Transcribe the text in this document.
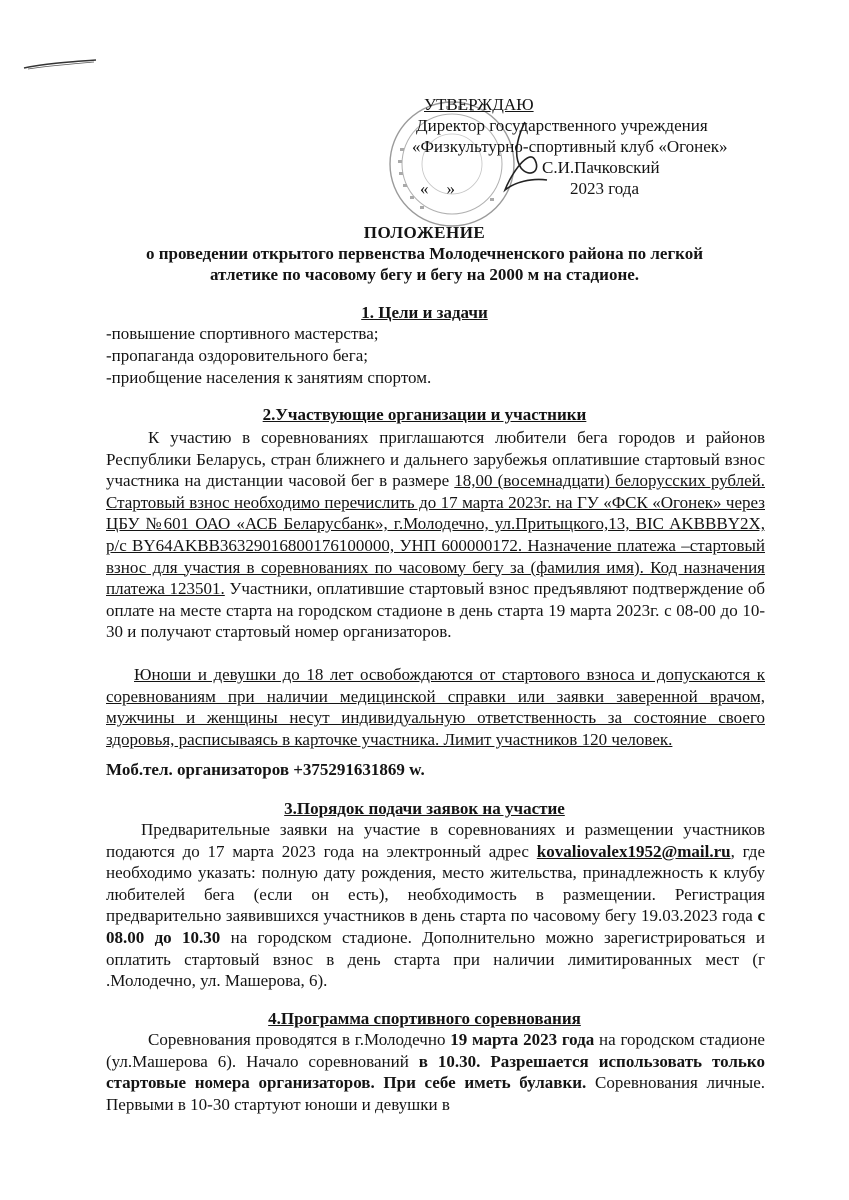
УТВЕРЖДАЮ
Директор государственного учреждения
«Физкультурно-спортивный клуб «Огонек»
С.И.Пачковский
« »	2023 года
ПОЛОЖЕНИЕ
о проведении открытого первенства Молодечненского района по легкой
атлетике по часовому бегу и бегу на 2000 м на стадионе.
1. Цели и задачи
-повышение спортивного мастерства;
-пропаганда оздоровительного бега;
-приобщение населения к занятиям спортом.
2.Участвующие организации и участники
К участию в соревнованиях приглашаются любители бега городов и районов Республики Беларусь, стран ближнего и дальнего зарубежья оплатившие стартовый взнос участника на дистанции часовой бег в размере 18,00 (восемнадцати) белорусских рублей. Стартовый взнос необходимо перечислить до 17 марта 2023г. на ГУ «ФСК «Огонек» через ЦБУ №601 ОАО «АСБ Беларусбанк», г.Молодечно, ул.Притыцкого,13, BIC AKBBBY2X, р/с BY64AKBB36329016800176100000, УНП 600000172. Назначение платежа –стартовый взнос для участия в соревнованиях по часовому бегу за (фамилия имя). Код назначения платежа 123501. Участники, оплатившие стартовый взнос предъявляют подтверждение об оплате на месте старта на городском стадионе в день старта 19 марта 2023г. с 08-00 до 10-30 и получают стартовый номер организаторов.
Юноши и девушки до 18 лет освобождаются от стартового взноса и допускаются к соревнованиям при наличии медицинской справки или заявки заверенной врачом, мужчины и женщины несут индивидуальную ответственность за состояние своего здоровья, расписываясь в карточке участника. Лимит участников 120 человек.
Моб.тел. организаторов +375291631869 w.
3.Порядок подачи заявок на участие
Предварительные заявки на участие в соревнованиях и размещении участников подаются до 17 марта 2023 года на электронный адрес kovaliovalex1952@mail.ru, где необходимо указать: полную дату рождения, место жительства, принадлежность к клубу любителей бега (если он есть), необходимость в размещении. Регистрация предварительно заявившихся участников в день старта по часовому бегу 19.03.2023 года с 08.00 до 10.30 на городском стадионе. Дополнительно можно зарегистрироваться и оплатить стартовый взнос в день старта при наличии лимитированных мест (г .Молодечно, ул. Машерова, 6).
4.Программа спортивного соревнования
Соревнования проводятся в г.Молодечно 19 марта 2023 года на городском стадионе (ул.Машерова 6). Начало соревнований в 10.30. Разрешается использовать только стартовые номера организаторов. При себе иметь булавки. Соревнования личные. Первыми в 10-30 стартуют юноши и девушки в
